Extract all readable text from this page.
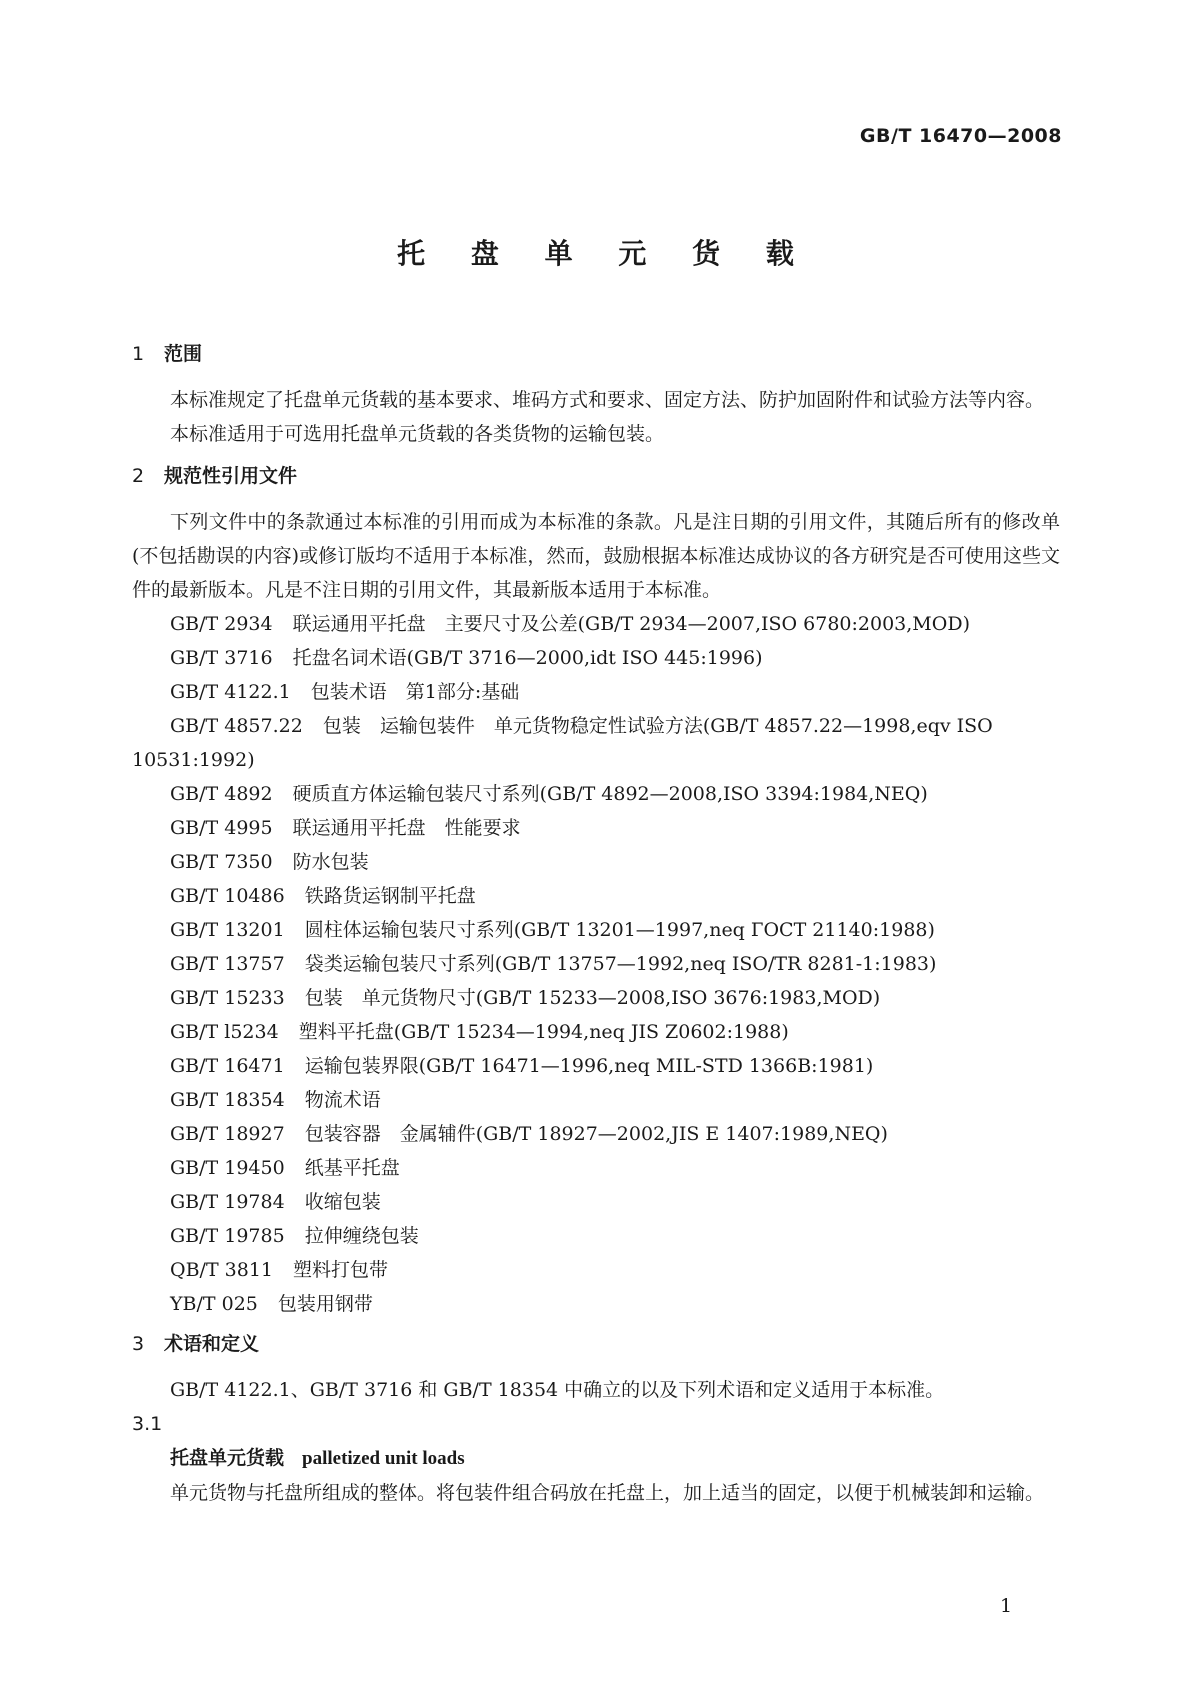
GB/T 16470—2008
托 盘 单 元 货 载
1 范围

本标准规定了托盘单元货载的基本要求、堆码方式和要求、固定方法、防护加固附件和试验方法等内容。

本标准适用于可选用托盘单元货载的各类货物的运输包装。

2 规范性引用文件

下列文件中的条款通过本标准的引用而成为本标准的条款。凡是注日期的引用文件，其随后所有的修改单(不包括勘误的内容)或修订版均不适用于本标准，然而，鼓励根据本标准达成协议的各方研究是否可使用这些文件的最新版本。凡是不注日期的引用文件，其最新版本适用于本标准。

GB/T 2934 联运通用平托盘　主要尺寸及公差(GB/T 2934—2007,ISO 6780:2003,MOD)
GB/T 3716 托盘名词术语(GB/T 3716—2000,idt ISO 445:1996)
GB/T 4122.1 包装术语　第1部分:基础
GB/T 4857.22 包装　运输包装件　单元货物稳定性试验方法(GB/T 4857.22—1998,eqv ISO 10531:1992)
GB/T 4892 硬质直方体运输包装尺寸系列(GB/T 4892—2008,ISO 3394:1984,NEQ)
GB/T 4995 联运通用平托盘　性能要求
GB/T 7350 防水包装
GB/T 10486 铁路货运钢制平托盘
GB/T 13201 圆柱体运输包装尺寸系列(GB/T 13201—1997,neq ГОСТ 21140:1988)
GB/T 13757 袋类运输包装尺寸系列(GB/T 13757—1992,neq ISO/TR 8281-1:1983)
GB/T 15233 包装　单元货物尺寸(GB/T 15233—2008,ISO 3676:1983,MOD)
GB/T l5234 塑料平托盘(GB/T 15234—1994,neq JIS Z0602:1988)
GB/T 16471 运输包装界限(GB/T 16471—1996,neq MIL-STD 1366B:1981)
GB/T 18354 物流术语
GB/T 18927 包装容器　金属辅件(GB/T 18927—2002,JIS E 1407:1989,NEQ)
GB/T 19450 纸基平托盘
GB/T 19784 收缩包装
GB/T 19785 拉伸缠绕包装
QB/T 3811 塑料打包带
YB/T 025 包装用钢带
3 术语和定义

GB/T 4122.1、GB/T 3716 和 GB/T 18354 中确立的以及下列术语和定义适用于本标准。

3.1
托盘单元货载 palletized unit loads

单元货物与托盘所组成的整体。将包装件组合码放在托盘上，加上适当的固定，以便于机械装卸和运输。

1
